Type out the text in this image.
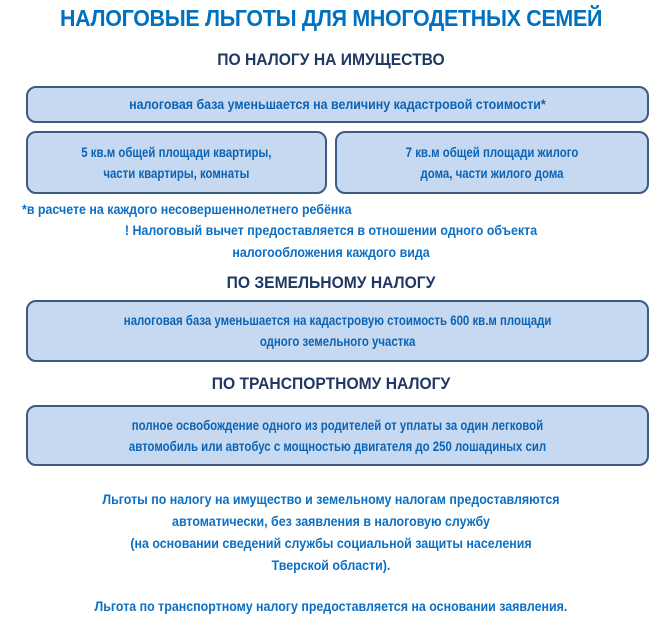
НАЛОГОВЫЕ ЛЬГОТЫ ДЛЯ МНОГОДЕТНЫХ СЕМЕЙ
ПО НАЛОГУ НА ИМУЩЕСТВО
налоговая база уменьшается на величину кадастровой стоимости*
5 кв.м общей площади квартиры,
части квартиры, комнаты
7 кв.м общей площади жилого
дома, части жилого дома
*в расчете на каждого несовершеннолетнего ребёнка
! Налоговый вычет предоставляется в отношении одного объекта
налогообложения каждого вида
ПО ЗЕМЕЛЬНОМУ НАЛОГУ
налоговая база уменьшается на кадастровую стоимость 600 кв.м площади
одного земельного участка
ПО ТРАНСПОРТНОМУ НАЛОГУ
полное освобождение одного из родителей от уплаты за один легковой
автомобиль или автобус с мощностью двигателя до 250 лошадиных сил
Льготы по налогу на имущество и земельному налогам предоставляются
автоматически, без заявления в налоговую службу
(на основании сведений службы социальной защиты населения
Тверской области).
Льгота по транспортному налогу предоставляется на основании заявления.
